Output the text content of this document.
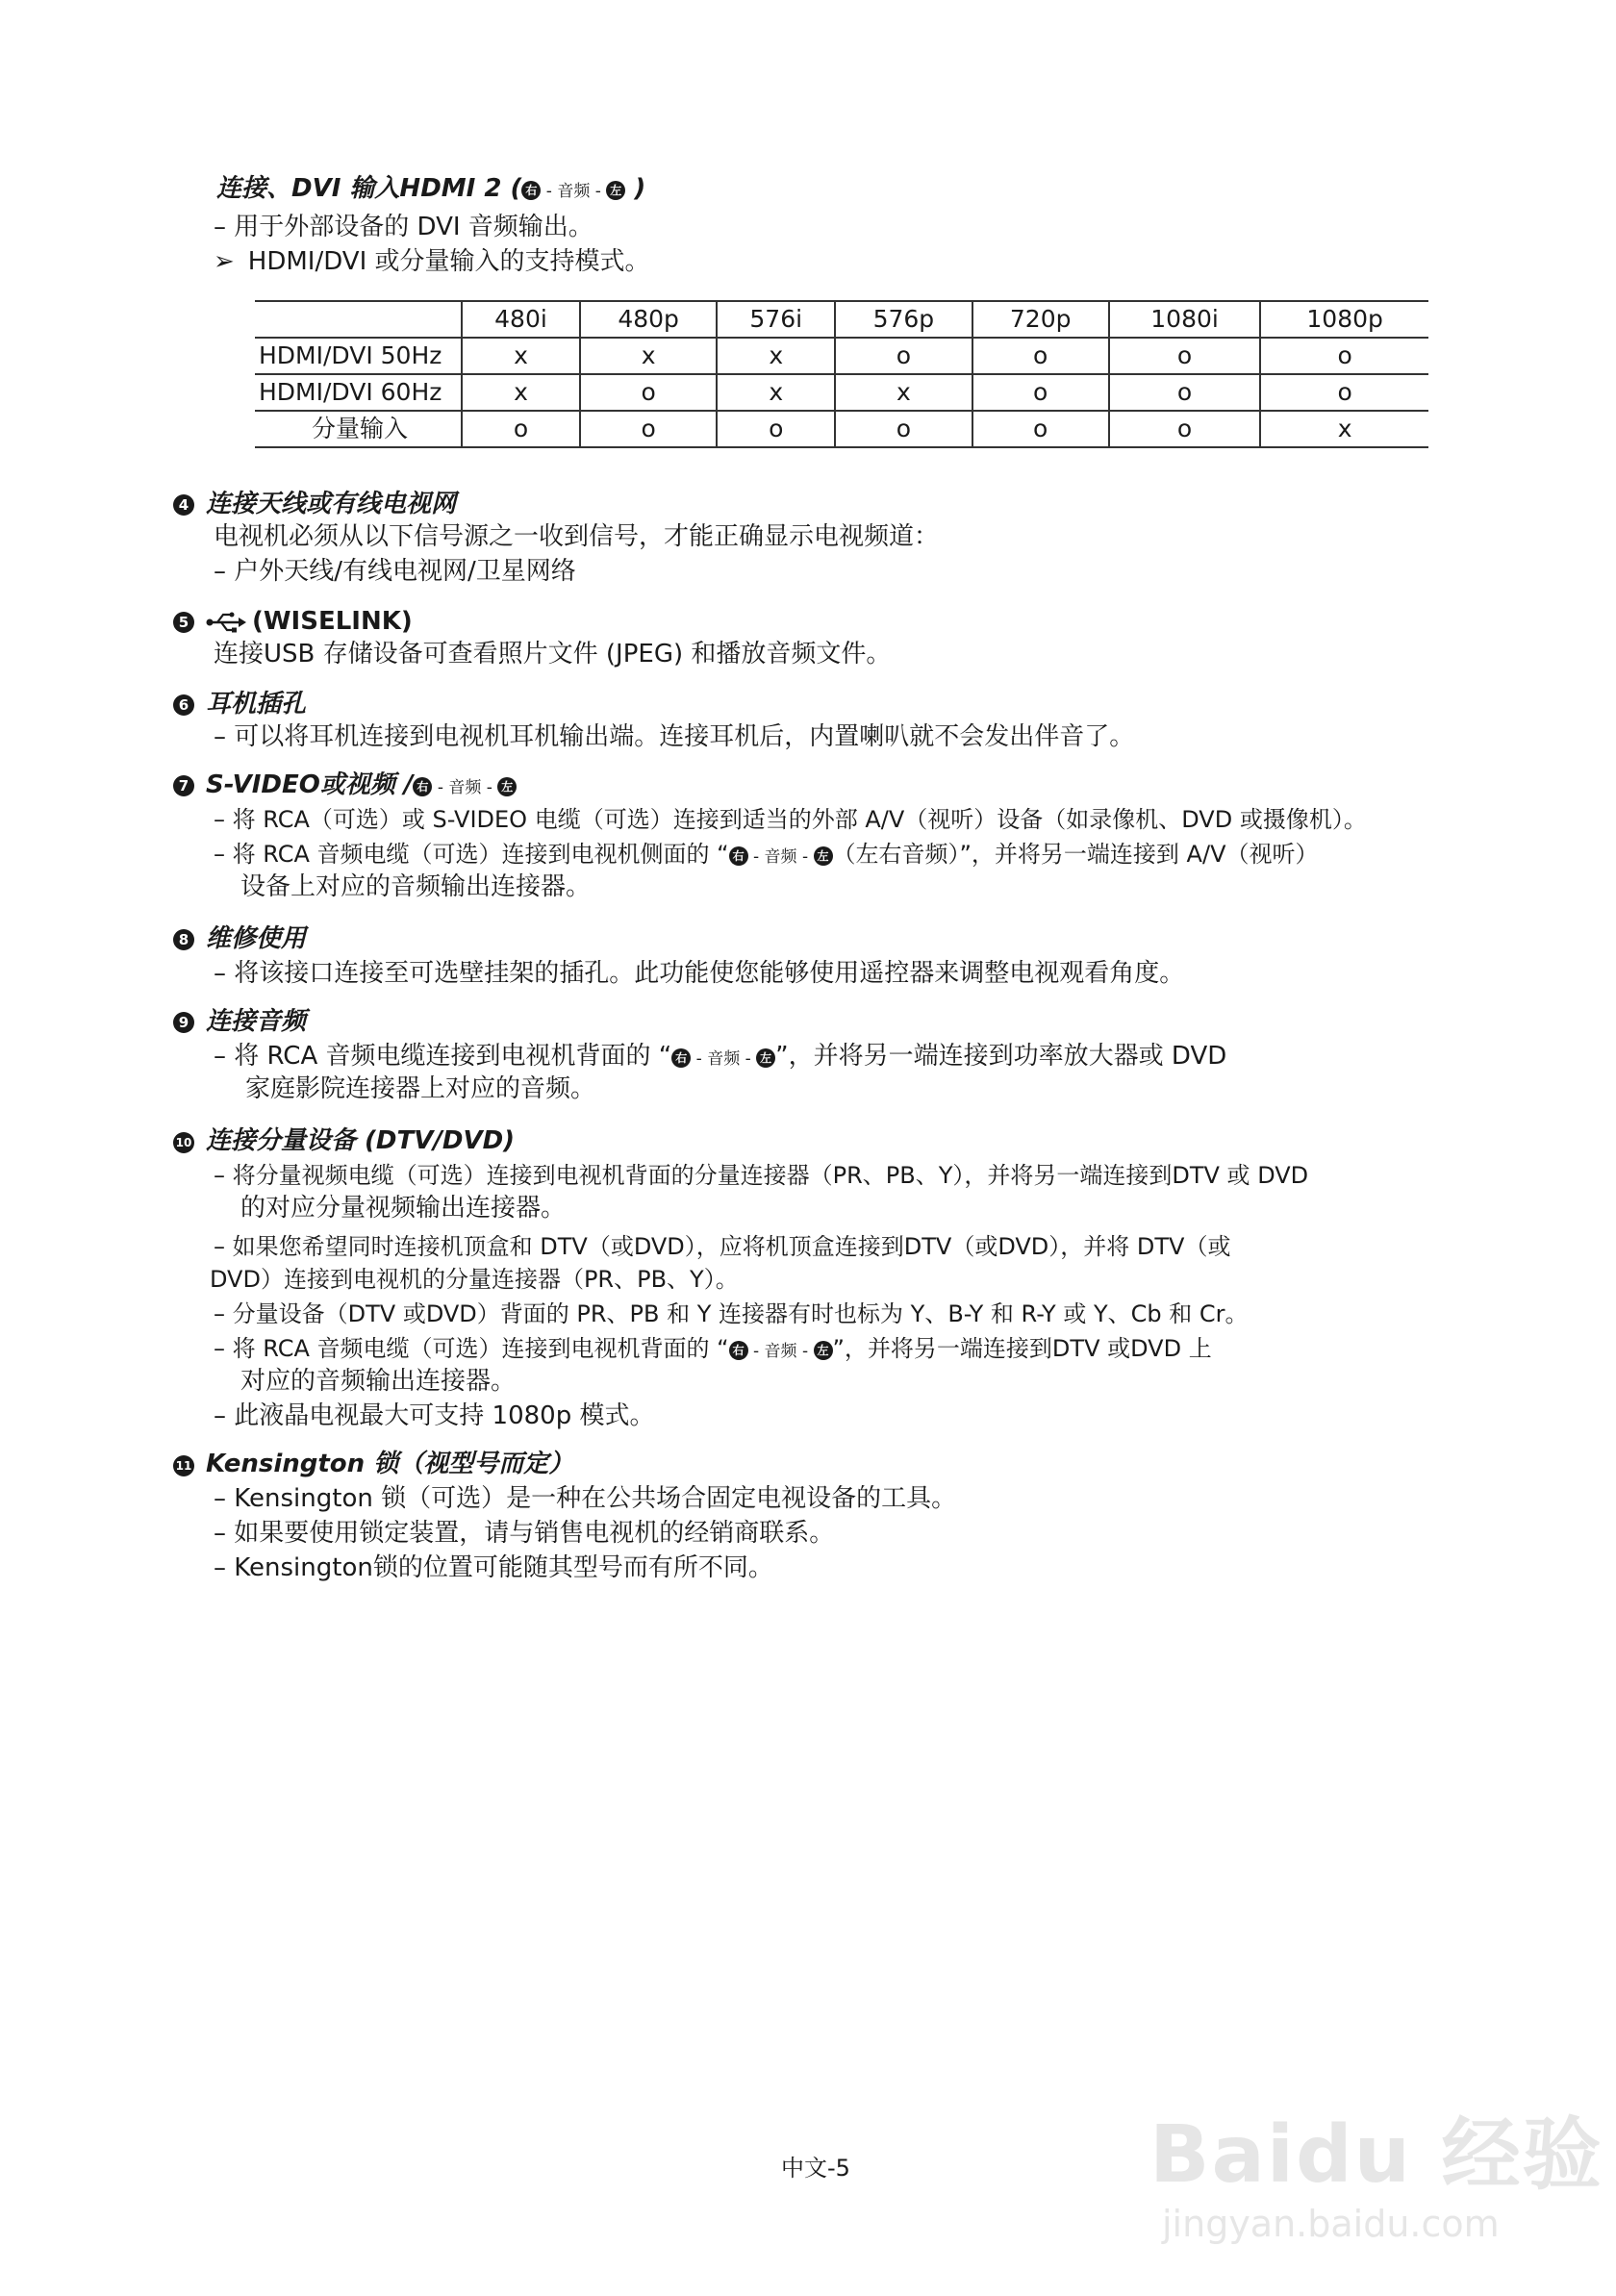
连接、DVI 输入HDMI 2 ( 右 - 音频 - 左 )
– 用于外部设备的 DVI 音频输出。
➢ HDMI/DVI 或分量输入的支持模式。
	480i	480p	576i	576p	720p	1080i	1080p
HDMI/DVI 50Hz	x	x	x	o	o	o	o
HDMI/DVI 60Hz	x	o	x	x	o	o	o
分量输入	o	o	o	o	o	o	x
4 连接天线或有线电视网
电视机必须从以下信号源之一收到信号，才能正确显示电视频道：
– 户外天线/有线电视网/卫星网络
5	(WISELINK)
连接USB 存储设备可查看照片文件 (JPEG) 和播放音频文件。
6 耳机插孔
– 可以将耳机连接到电视机耳机输出端。连接耳机后，内置喇叭就不会发出伴音了。
7 S-VIDEO或视频 / 右 - 音频 - 左
– 将 RCA（可选）或 S-VIDEO 电缆（可选）连接到适当的外部 A/V（视听）设备（如录像机、DVD 或摄像机）。
– 将 RCA 音频电缆（可选）连接到电视机侧面的 “ 右 - 音频 - 左 （左右音频）”，并将另一端连接到 A/V（视听）
设备上对应的音频输出连接器。
8 维修使用
– 将该接口连接至可选壁挂架的插孔。此功能使您能够使用遥控器来调整电视观看角度。
9 连接音频
– 将 RCA 音频电缆连接到电视机背面的 “ 右 - 音频 - 左 ”，并将另一端连接到功率放大器或 DVD
家庭影院连接器上对应的音频。
10 连接分量设备 (DTV/DVD)
– 将分量视频电缆（可选）连接到电视机背面的分量连接器（PR、PB、Y），并将另一端连接到DTV 或 DVD
的对应分量视频输出连接器。
– 如果您希望同时连接机顶盒和 DTV（或DVD），应将机顶盒连接到DTV（或DVD），并将 DTV（或
DVD）连接到电视机的分量连接器（PR、PB、Y）。
– 分量设备（DTV 或DVD）背面的 PR、PB 和 Y 连接器有时也标为 Y、B-Y 和 R-Y 或 Y、Cb 和 Cr。
– 将 RCA 音频电缆（可选）连接到电视机背面的 “ 右 - 音频 - 左 ”，并将另一端连接到DTV 或DVD 上
对应的音频输出连接器。
– 此液晶电视最大可支持 1080p 模式。
11 Kensington 锁（视型号而定）
– Kensington 锁（可选）是一种在公共场合固定电视设备的工具。
– 如果要使用锁定装置，请与销售电视机的经销商联系。
– Kensington锁的位置可能随其型号而有所不同。
中文-5	Baidu 经验
jingyan.baidu.com
